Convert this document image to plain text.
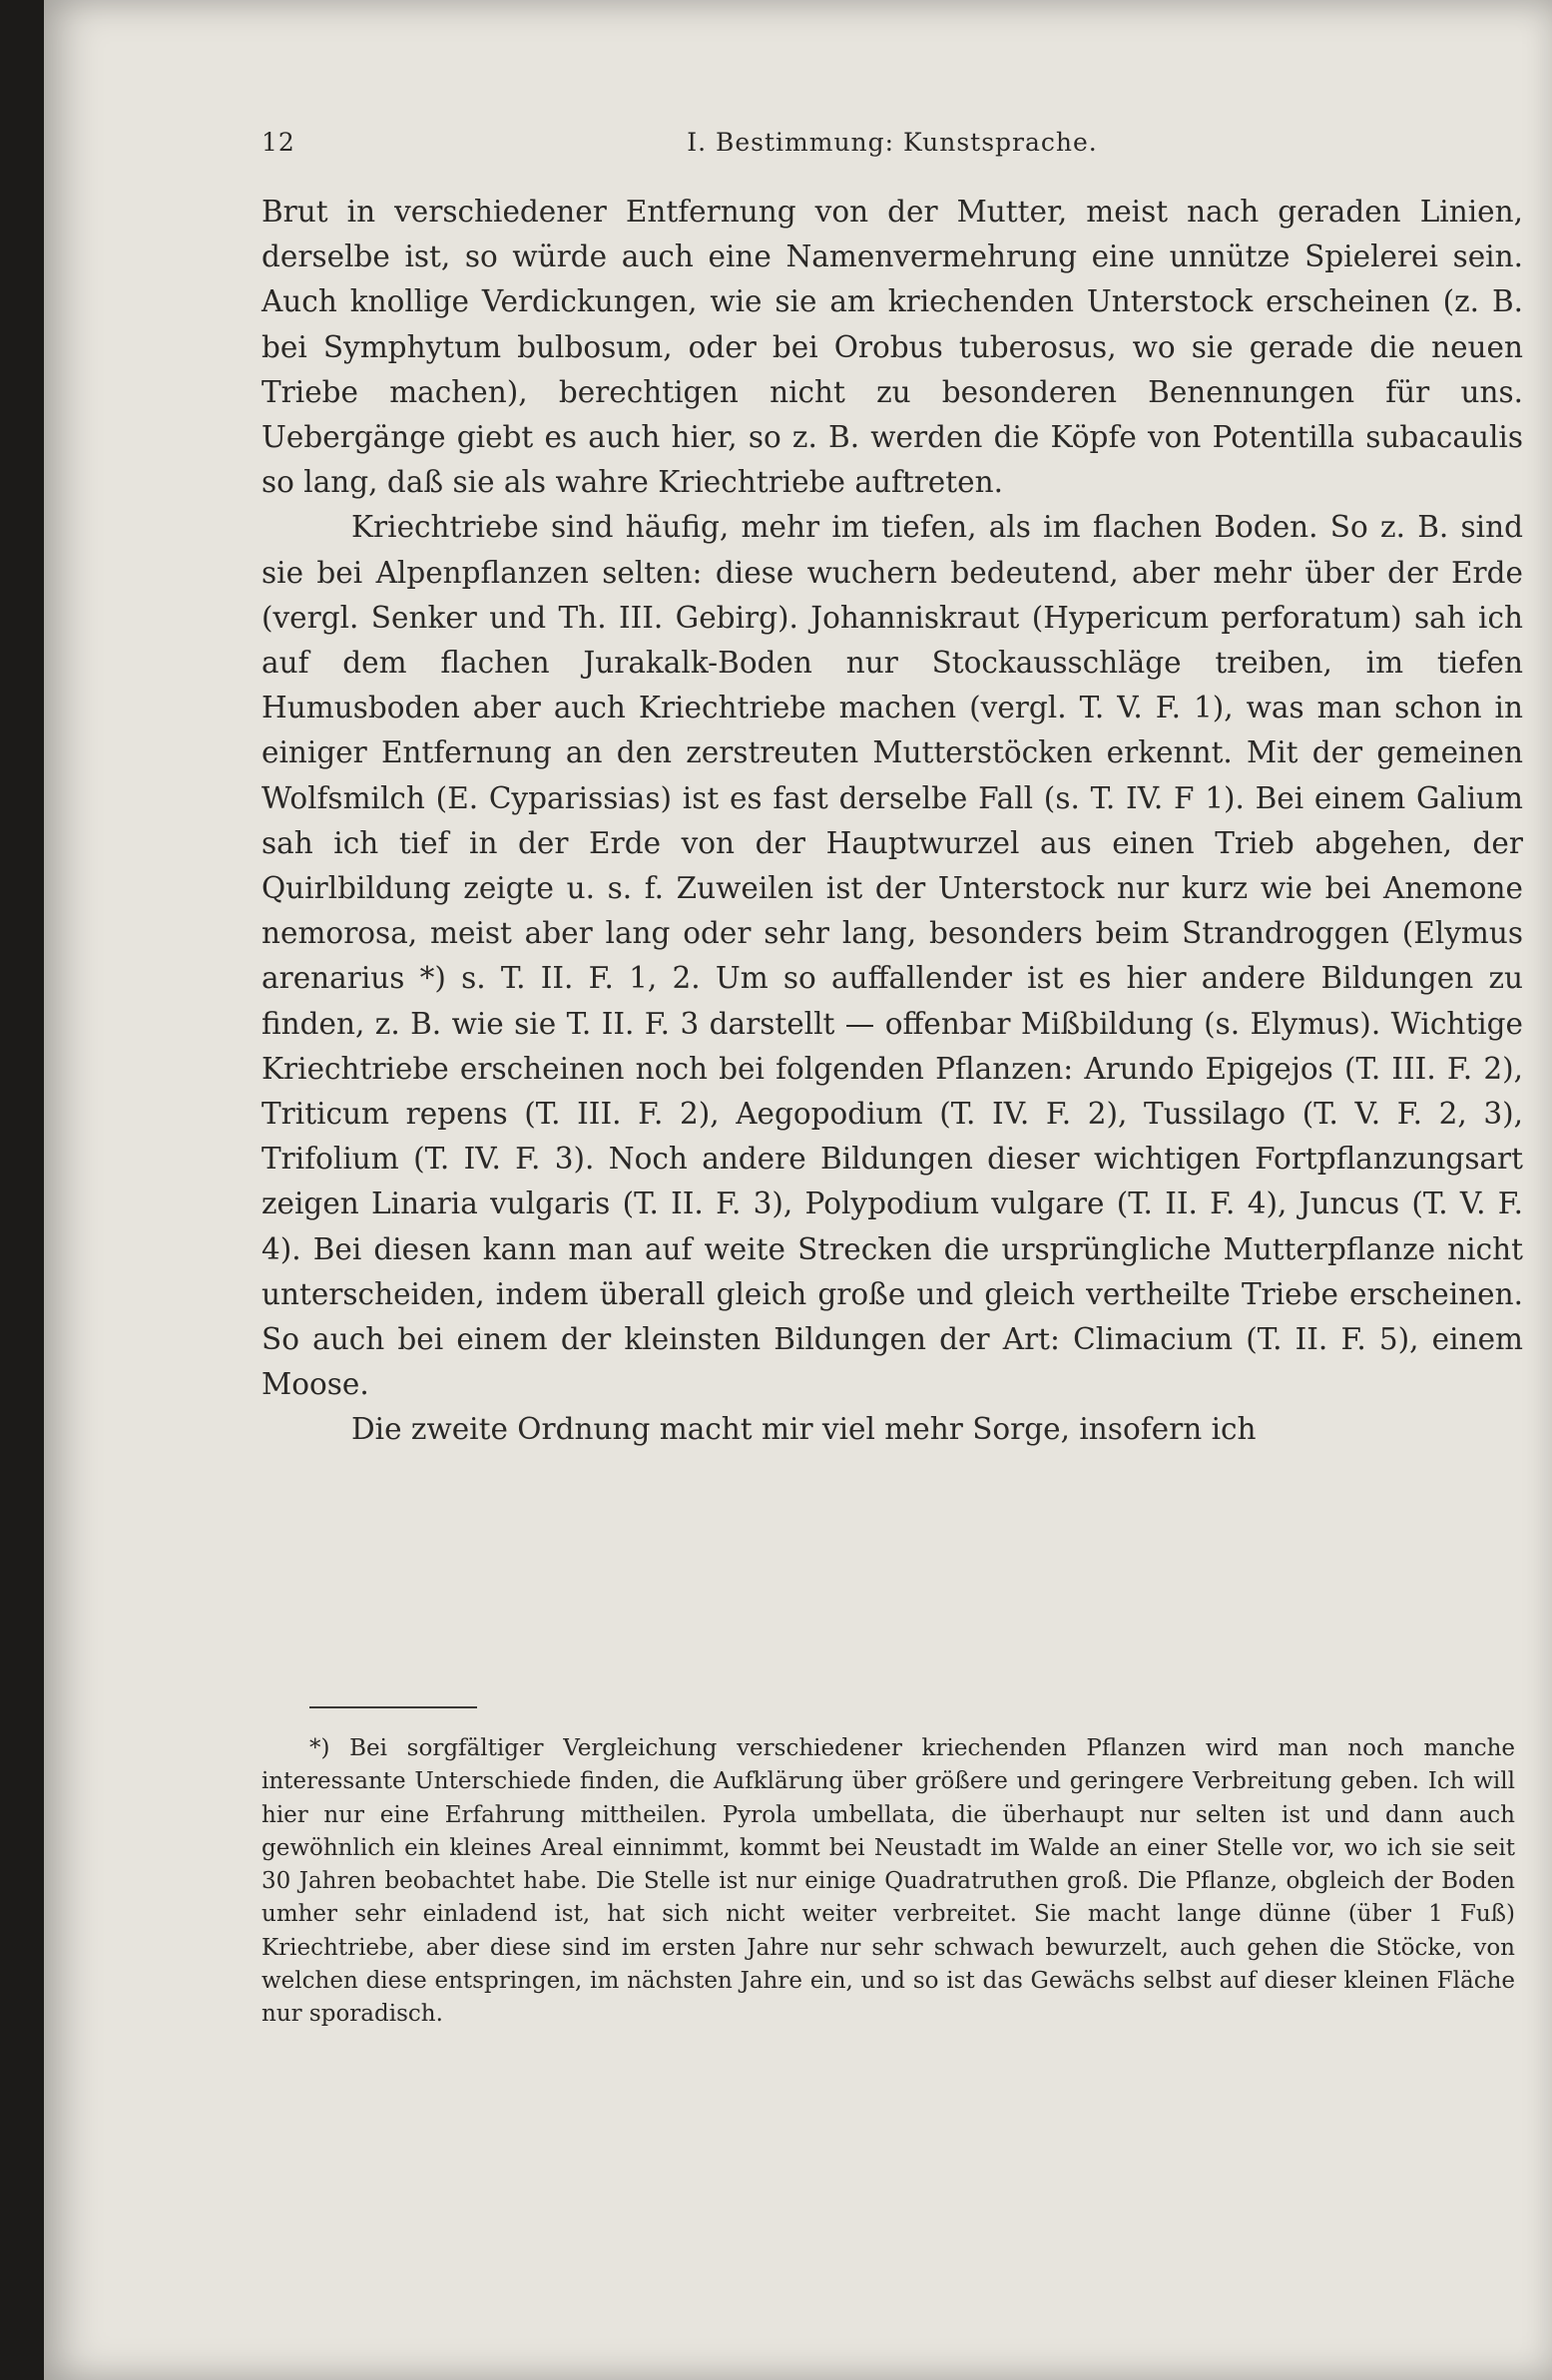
12	I. Bestimmung: Kunstsprache.

Brut in verschiedener Entfernung von der Mutter, meist nach geraden Linien, derselbe ist, so würde auch eine Namenvermehrung eine unnütze Spielerei sein. Auch knollige Verdickungen, wie sie am kriechenden Unterstock erscheinen (z. B. bei Symphytum bulbosum, oder bei Orobus tuberosus, wo sie gerade die neuen Triebe machen), berechtigen nicht zu besonderen Benennungen für uns. Uebergänge giebt es auch hier, so z. B. werden die Köpfe von Potentilla subacaulis so lang, daß sie als wahre Kriechtriebe auftreten.

Kriechtriebe sind häufig, mehr im tiefen, als im flachen Boden. So z. B. sind sie bei Alpenpflanzen selten: diese wuchern bedeutend, aber mehr über der Erde (vergl. Senker und Th. III. Gebirg). Johanniskraut (Hypericum perforatum) sah ich auf dem flachen Jurakalk-Boden nur Stockausschläge treiben, im tiefen Humusboden aber auch Kriechtriebe machen (vergl. T. V. F. 1), was man schon in einiger Entfernung an den zerstreuten Mutterstöcken erkennt. Mit der gemeinen Wolfsmilch (E. Cyparissias) ist es fast derselbe Fall (s. T. IV. F 1). Bei einem Galium sah ich tief in der Erde von der Hauptwurzel aus einen Trieb abgehen, der Quirlbildung zeigte u. s. f. Zuweilen ist der Unterstock nur kurz wie bei Anemone nemorosa, meist aber lang oder sehr lang, besonders beim Strandroggen (Elymus arenarius *) s. T. II. F. 1, 2. Um so auffallender ist es hier andere Bildungen zu finden, z. B. wie sie T. II. F. 3 darstellt — offenbar Mißbildung (s. Elymus). Wichtige Kriechtriebe erscheinen noch bei folgenden Pflanzen: Arundo Epigejos (T. III. F. 2), Triticum repens (T. III. F. 2), Aegopodium (T. IV. F. 2), Tussilago (T. V. F. 2, 3), Trifolium (T. IV. F. 3). Noch andere Bildungen dieser wichtigen Fortpflanzungsart zeigen Linaria vulgaris (T. II. F. 3), Polypodium vulgare (T. II. F. 4), Juncus (T. V. F. 4). Bei diesen kann man auf weite Strecken die ursprüngliche Mutterpflanze nicht unterscheiden, indem überall gleich große und gleich vertheilte Triebe erscheinen. So auch bei einem der kleinsten Bildungen der Art: Climacium (T. II. F. 5), einem Moose.

Die zweite Ordnung macht mir viel mehr Sorge, insofern ich

*) Bei sorgfältiger Vergleichung verschiedener kriechenden Pflanzen wird man noch manche interessante Unterschiede finden, die Aufklärung über größere und geringere Verbreitung geben. Ich will hier nur eine Erfahrung mittheilen. Pyrola umbellata, die überhaupt nur selten ist und dann auch gewöhnlich ein kleines Areal einnimmt, kommt bei Neustadt im Walde an einer Stelle vor, wo ich sie seit 30 Jahren beobachtet habe. Die Stelle ist nur einige Quadratruthen groß. Die Pflanze, obgleich der Boden umher sehr einladend ist, hat sich nicht weiter verbreitet. Sie macht lange dünne (über 1 Fuß) Kriechtriebe, aber diese sind im ersten Jahre nur sehr schwach bewurzelt, auch gehen die Stöcke, von welchen diese entspringen, im nächsten Jahre ein, und so ist das Gewächs selbst auf dieser kleinen Fläche nur sporadisch.
